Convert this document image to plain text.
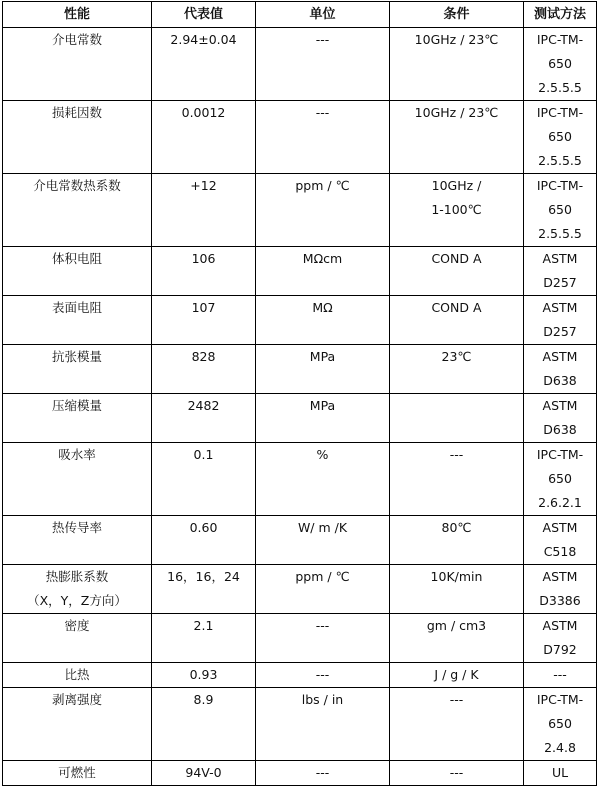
性能	代表值	单位	条件	测试方法

介电常数	2.94±0.04	---	10GHz / 23℃	IPC-TM-650
2.5.5.5

损耗因数	0.0012	---	10GHz / 23℃	IPC-TM-650
2.5.5.5

介电常数热系数	+12	ppm / ℃	10GHz /
1-100℃	IPC-TM-650
2.5.5.5

体积电阻	106	MΩcm	COND A	ASTM D257

表面电阻	107	MΩ	COND A	ASTM D257

抗张模量	828	MPa	23℃	ASTM D638

压缩模量	2482	MPa		ASTM D638

吸水率	0.1	%	---	IPC-TM-650
2.6.2.1

热传导率	0.60	W/ m /K	80℃	ASTM C518

热膨胀系数
（X，Y，Z方向）	16，16，24	ppm / ℃	10K/min	ASTM D3386

密度	2.1	---	gm / cm3	ASTM D792

比热	0.93	---	J / g / K	---

剥离强度	8.9	lbs / in	---	IPC-TM-650
2.4.8

可燃性	94V-0	---	---	UL
